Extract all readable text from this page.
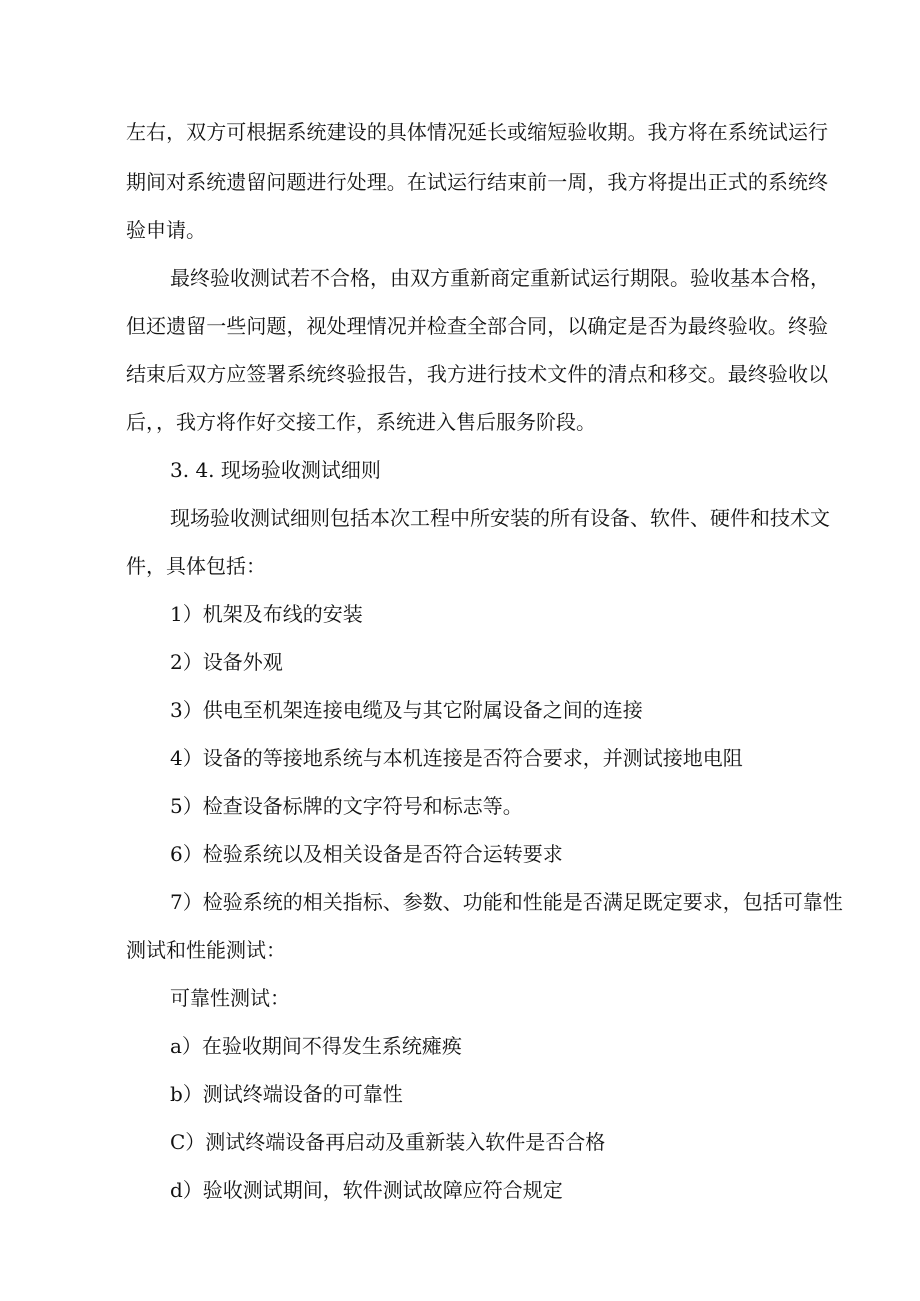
左右，双方可根据系统建设的具体情况延长或缩短验收期。我方将在系统试运行

期间对系统遗留问题进行处理。在试运行结束前一周，我方将提出正式的系统终

验申请。

最终验收测试若不合格，由双方重新商定重新试运行期限。验收基本合格，

但还遗留一些问题，视处理情况并检查全部合同，以确定是否为最终验收。终验

结束后双方应签署系统终验报告，我方进行技术文件的清点和移交。最终验收以

后，，我方将作好交接工作，系统进入售后服务阶段。

3. 4. 现场验收测试细则

现场验收测试细则包括本次工程中所安装的所有设备、软件、硬件和技术文

件，具体包括：

1）机架及布线的安装

2）设备外观

3）供电至机架连接电缆及与其它附属设备之间的连接

4）设备的等接地系统与本机连接是否符合要求，并测试接地电阻

5）检查设备标牌的文字符号和标志等。

6）检验系统以及相关设备是否符合运转要求

7）检验系统的相关指标、参数、功能和性能是否满足既定要求，包括可靠性

测试和性能测试：

可靠性测试：

a）在验收期间不得发生系统瘫痪

b）测试终端设备的可靠性

C）测试终端设备再启动及重新装入软件是否合格

d）验收测试期间，软件测试故障应符合规定
